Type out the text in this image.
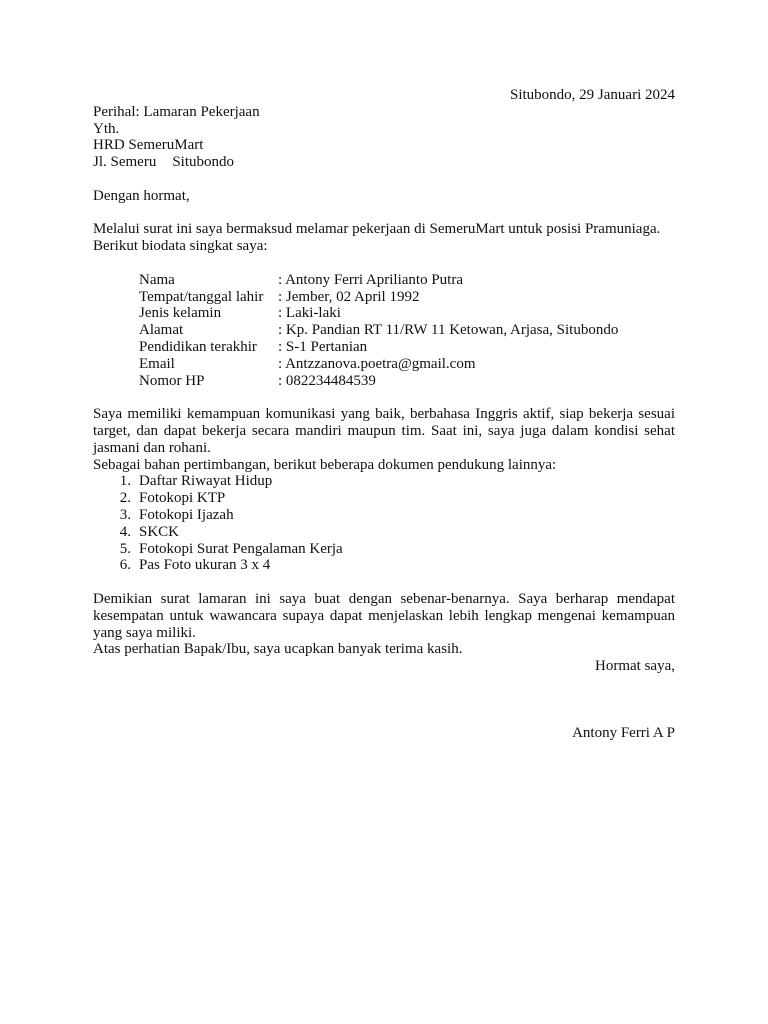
Situbondo, 29 Januari 2024
Perihal: Lamaran Pekerjaan
Yth.
HRD SemeruMart
Jl. Semeru Situbondo
Dengan hormat,
Melalui surat ini saya bermaksud melamar pekerjaan di SemeruMart untuk posisi Pramuniaga.
Berikut biodata singkat saya:
Nama	: Antony Ferri Aprilianto Putra
Tempat/tanggal lahir	: Jember, 02 April 1992
Jenis kelamin	: Laki-laki
Alamat	: Kp. Pandian RT 11/RW 11 Ketowan, Arjasa, Situbondo
Pendidikan terakhir	: S-1 Pertanian
Email	: Antzzanova.poetra@gmail.com
Nomor HP	: 082234484539
Saya memiliki kemampuan komunikasi yang baik, berbahasa Inggris aktif, siap bekerja sesuai target, dan dapat bekerja secara mandiri maupun tim. Saat ini, saya juga dalam kondisi sehat jasmani dan rohani.
Sebagai bahan pertimbangan, berikut beberapa dokumen pendukung lainnya:
1. Daftar Riwayat Hidup
2. Fotokopi KTP
3. Fotokopi Ijazah
4. SKCK
5. Fotokopi Surat Pengalaman Kerja
6. Pas Foto ukuran 3 x 4
Demikian surat lamaran ini saya buat dengan sebenar-benarnya. Saya berharap mendapat kesempatan untuk wawancara supaya dapat menjelaskan lebih lengkap mengenai kemampuan yang saya miliki.
Atas perhatian Bapak/Ibu, saya ucapkan banyak terima kasih.
Hormat saya,
Antony Ferri A P
